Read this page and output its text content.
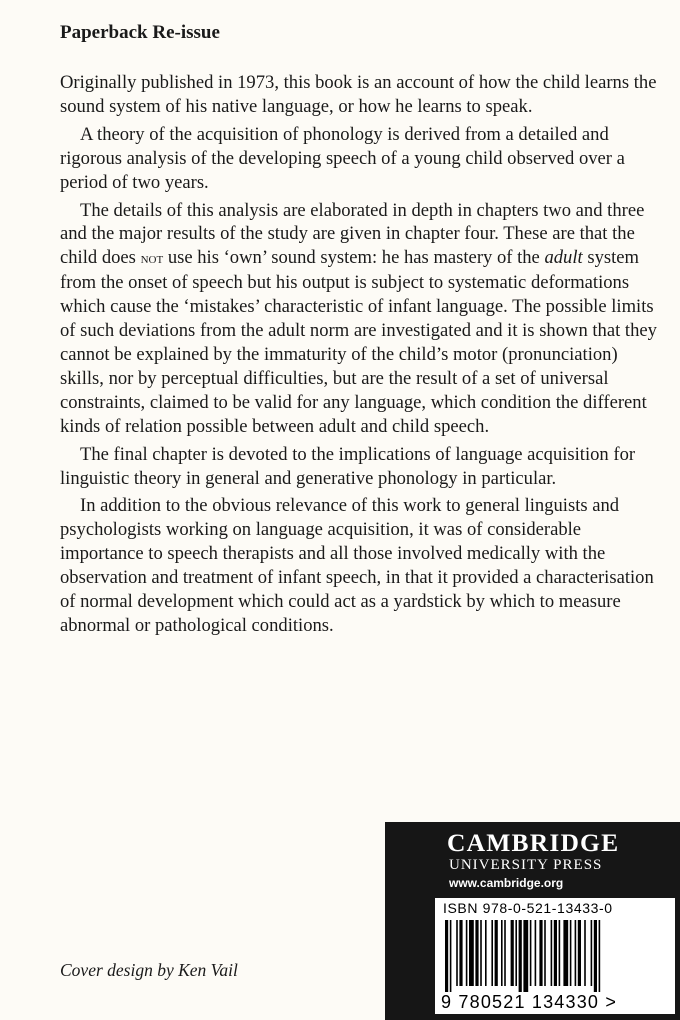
Paperback Re-issue

Originally published in 1973, this book is an account of how the child learns the sound system of his native language, or how he learns to speak.

A theory of the acquisition of phonology is derived from a detailed and rigorous analysis of the developing speech of a young child observed over a period of two years.

The details of this analysis are elaborated in depth in chapters two and three and the major results of the study are given in chapter four. These are that the child does not use his ‘own’ sound system: he has mastery of the adult system from the onset of speech but his output is subject to systematic deformations which cause the ‘mistakes’ characteristic of infant language. The possible limits of such deviations from the adult norm are investigated and it is shown that they cannot be explained by the immaturity of the child’s motor (pronunciation) skills, nor by perceptual difficulties, but are the result of a set of universal constraints, claimed to be valid for any language, which condition the different kinds of relation possible between adult and child speech.

The final chapter is devoted to the implications of language acquisition for linguistic theory in general and generative phonology in particular.

In addition to the obvious relevance of this work to general linguists and psychologists working on language acquisition, it was of considerable importance to speech therapists and all those involved medically with the observation and treatment of infant speech, in that it provided a characterisation of normal development which could act as a yardstick by which to measure abnormal or pathological conditions.

Cover design by Ken Vail
CAMBRIDGE
UNIVERSITY PRESS
www.cambridge.org
ISBN 978-0-521-13433-0
9 780521 134330 >
